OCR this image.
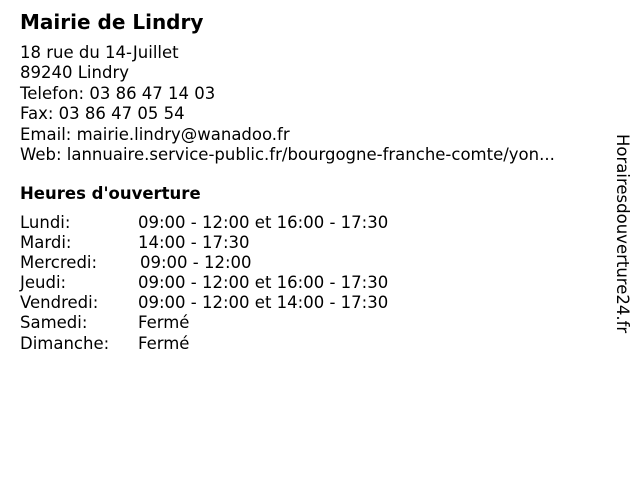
Mairie de Lindry
18 rue du 14-Juillet
89240 Lindry
Telefon: 03 86 47 14 03
Fax: 03 86 47 05 54
Email: mairie.lindry@wanadoo.fr
Web: lannuaire.service-public.fr/bourgogne-franche-comte/yon...
Heures d'ouverture
Lundi:	09:00 - 12:00 et 16:00 - 17:30
Mardi:	14:00 - 17:30
Mercredi:	09:00 - 12:00
Jeudi:	09:00 - 12:00 et 16:00 - 17:30
Vendredi: 09:00 - 12:00 et 14:00 - 17:30
Samedi:	Fermé
Dimanche: Fermé
Horairesdouverture24.fr
